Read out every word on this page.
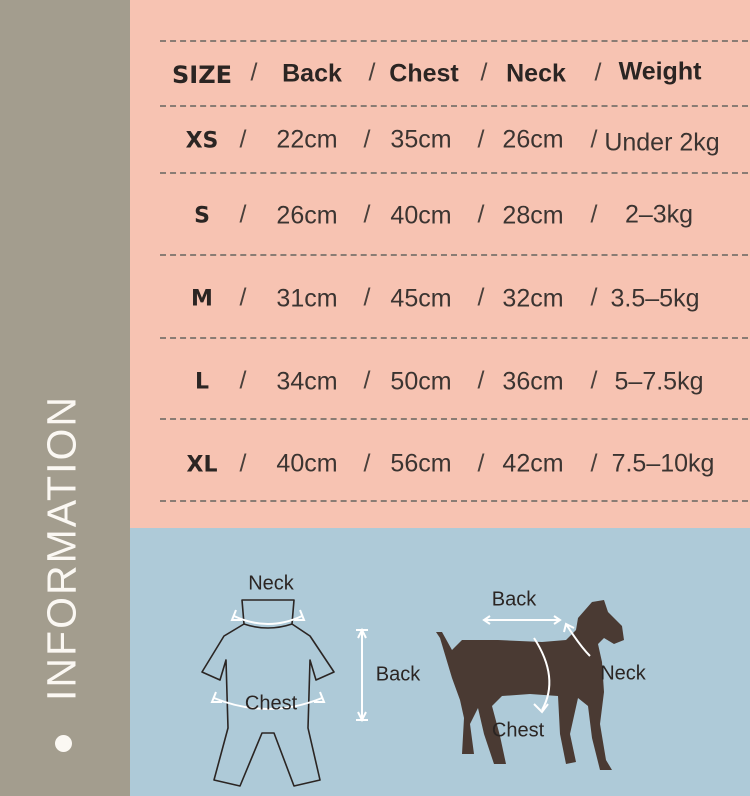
INFORMATION
SIZE / Back / Chest / Neck / Weight
XS / 22cm / 35cm / 26cm / Under 2kg
S / 26cm / 40cm / 28cm / 2–3kg
M / 31cm / 45cm / 32cm / 3.5–5kg
L / 34cm / 50cm / 36cm / 5–7.5kg
XL / 40cm / 56cm / 42cm / 7.5–10kg
Neck
Back
Chest
Back
Neck
Chest
